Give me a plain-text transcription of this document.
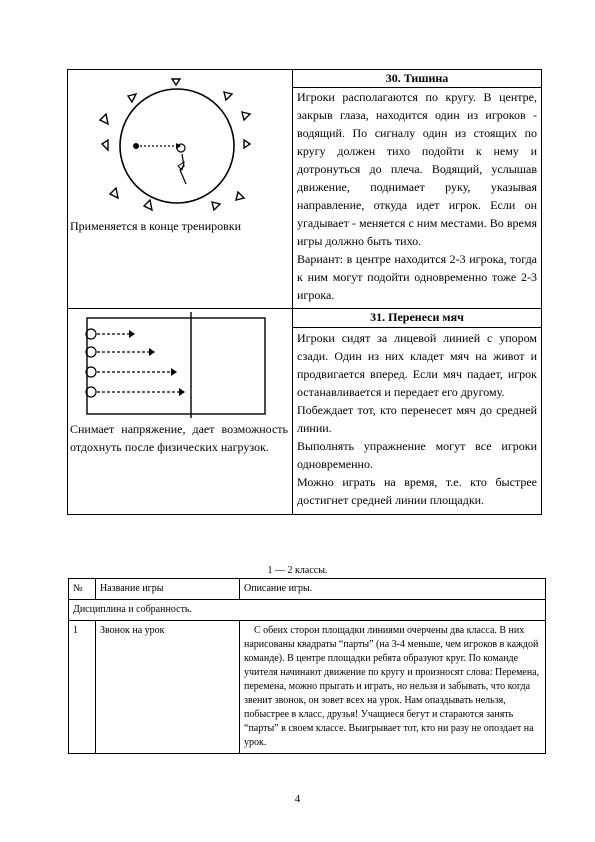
Применяется в конце тренировки
30. Тишина

Игроки располагаются по кругу. В центре, закрыв глаза, находится один из игроков - водящий. По сигналу один из стоящих по кругу должен тихо подойти к нему и дотронуться до плеча. Водящий, услышав движение, поднимает руку, указывая направление, откуда идет игрок. Если он угадывает - меняется с ним местами. Во время игры должно быть тихо.

Вариант: в центре находится 2-3 игрока, тогда к ним могут подойти одновременно тоже 2-3 игрока.

Снимает напряжение, дает возможность отдохнуть после физических нагрузок.
31. Перенеси мяч

Игроки сидят за лицевой линией с упором сзади. Один из них кладет мяч на живот и продвигается вперед. Если мяч падает, игрок останавливается и передает его другому.

Побеждает тот, кто перенесет мяч до средней линии.

Выполнять упражнение могут все игроки одновременно.

Можно играть на время, т.е. кто быстрее достигнет средней линии площадки.

1 — 2 классы.
№	Название игры	Описание игры.
Дисциплина и собранность.		
1	Звонок на урок	С обеих сторон площадки линиями очерчены два класса. В них нарисованы квадраты “парты” (на 3-4 меньше, чем игроков в каждой команде). В центре площадки ребята образуют круг. По команде учителя начинают движение по кругу и произносят слова: Перемена, перемена, можно прыгать и играть, но нельзя и забывать, что когда звенит звонок, он зовет всех на урок. Нам опаздывать нельзя, побыстрее в класс, друзья! Учащиеся бегут и стараются занять “парты” в своем классе. Выигрывает тот, кто ни разу не опоздает на урок.
4
